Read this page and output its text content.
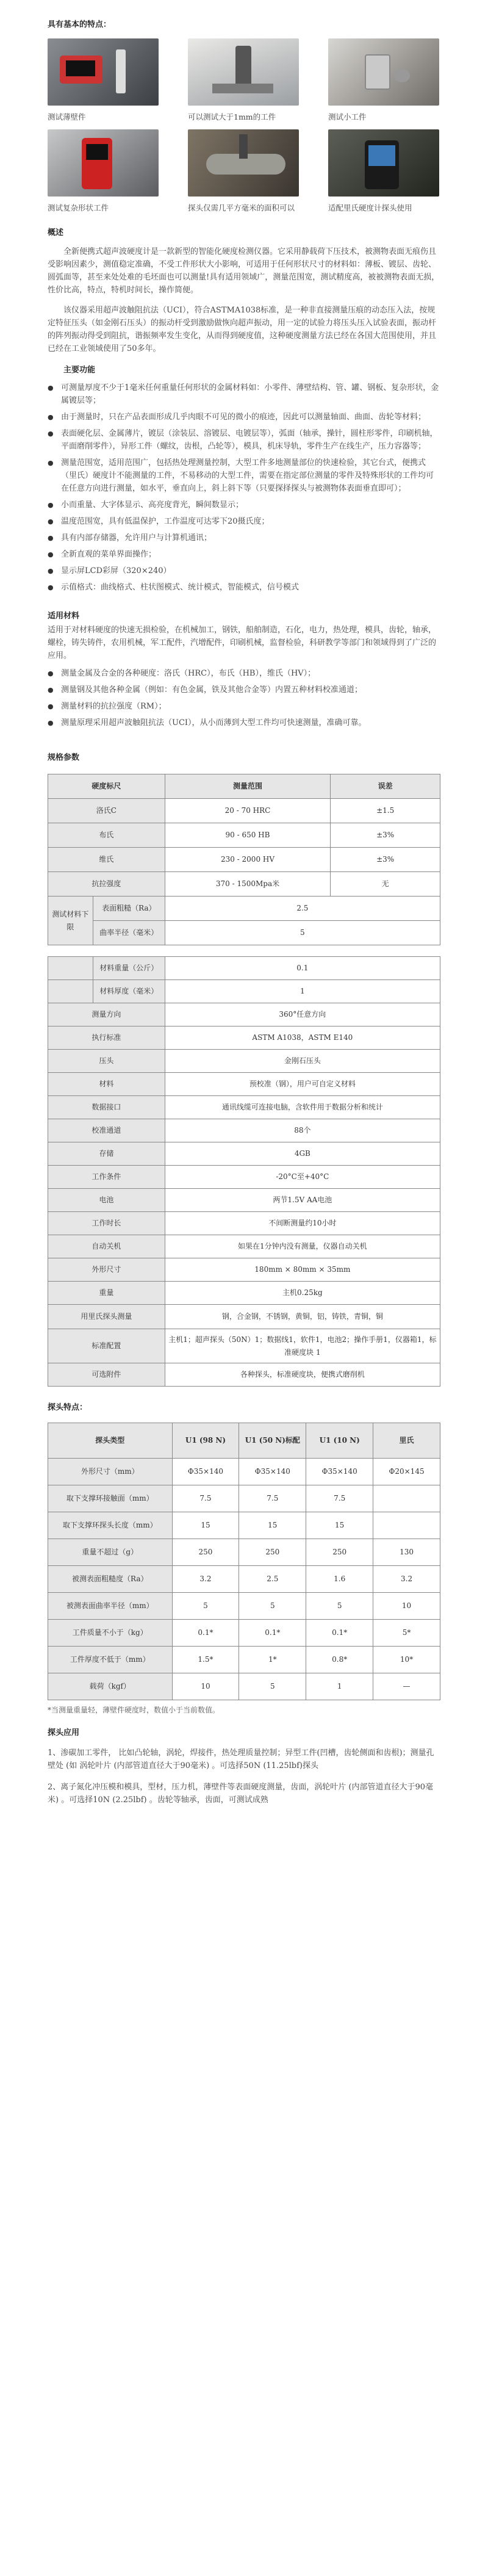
具有基本的特点：

测试薄壁件	可以测试大于1mm的工件	测试小工件
测试复杂形状工件	探头仅需几平方毫米的面积可以	适配里氏硬度计探头使用

概述

全新便携式超声波硬度计是一款新型的智能化硬度检测仪器。它采用静载荷下压技术，被测物表面无痕伤且受影响因素少，测值稳定准确，不受工件形状大小影响，可适用于任何形状尺寸的材料如：薄板、镀层、齿轮、圆弧面等，甚至来处处难的毛坯面也可以测量!具有适用领域广，测量范围宽，测试精度高，被被测物表面无损，性价比高，特点，特机时间长，操作简便。

该仪器采用超声波触阻抗法（UCI），符合ASTMA1038标准，是一种非直接测量压痕的动态压入法，按规定特征压头（如金刚石压头）的振动杆受到激励做恢向超声振动，用一定的试验力将压头压入试验表面，振动杆的阵列振动得受到阻抗，谐振频率发生变化，从而得到硬度值，这种硬度测量方法已经在各国大范围使用，并且已经在工业领域使用了50多年。

主要功能

● 可测量厚度不少于1毫米任何重量任何形状的金属材料如：小零件、薄壁结构、管、罐、钢板、复杂形状，金属镀层等；
● 由于测量时，只在产品表面形成几乎肉眼不可见的微小的痕迹，因此可以测量轴面、曲面、齿轮等材料；
● 表面硬化层、金属薄片，镀层（涂装层、溶镀层、电镀层等），弧面（轴承，操针，圆柱形零件，印刷机轴，平面磨削零件），异形工件（螺纹，齿根，凸轮等），模具，机床导轨，零件生产在线生产，压力容器等；
● 测量范围宽，适用范围广，包括热处理测量控制，大型工件多地测量部位的快速检验，其它台式，便携式（里氏）硬度计不能测量的工件，不易移动的大型工件，需要在指定部位测量的零件及特殊形状的工件均可在任意方向进行测量，如水平，垂直向上，斜上斜下等（只要探择探头与被测物体表面垂直即可）；
● 小而重量、大字体显示、高亮度背光，瞬间数显示；
● 温度范围宽，具有低温保护，工作温度可达零下20摄氏度；
● 具有内部存储器，允许用户与计算机通讯；
● 全新直观的菜单界面操作；
● 显示屏LCD彩屏（320×240）
● 示值格式：曲线格式、柱状图模式、统计模式，智能模式，信号模式

适用材料

适用于对材料硬度的快速无损检验，在机械加工，钢铁，船舶制造，石化，电力，热处理，模具，齿轮，轴承，螺栓，铸失铸件，农用机械，军工配件，汽增配件，印刷机械，监督检验，科研教学等部门和领域得到了广泛的应用。

● 测量金属及合金的各种硬度：洛氏（HRC），布氏（HB），维氏（HV）；
● 测量钢及其他各种金属（例如：有色金属，铁及其他合金等）内置五种材料校准通道；
● 测量材料的抗拉强度（RM）；
● 测量原理采用超声波触阻抗法（UCI），从小而薄到大型工件均可快速测量，准确可靠。

规格参数

硬度标尺		测量范围	误差
洛氏C		20 - 70 HRC	±1.5
布氏		90 - 650 HB	±3%
维氏		230 - 2000 HV	±3%
抗拉强度		370 - 1500Mpa米	无
测试材料下限	表面粗糙（Ra）	2.5	
	曲率半径（毫米）	5	
	材料重量（公斤）	0.1
	材料厚度（毫米）	1
测量方向		360°任意方向
执行标准		ASTM A1038，ASTM E140
压头		金刚石压头
材料		预校准（钢），用户可自定义材料
数据接口		通讯线缆可连接电脑，含软件用于数据分析和统计
校准通道		88个
存储		4GB
工作条件		-20°C至+40°C
电池		两节1.5V AA电池
工作时长		不间断测量约10小时
自动关机		如果在1分钟内没有测量，仪器自动关机
外形尺寸		180mm × 80mm × 35mm
重量		主机0.25kg
用里氏探头测量		钢，合金钢，不锈钢，黄铜，铝，铸铁，青铜，铜
标准配置		主机1；超声探头（50N）1；数据线1，软件1，电池2；操作手册1，仪器箱1，标准硬度块 1
可选附件		各种探头，标准硬度块，便携式磨削机

探头特点：

探头类型	U1 (98 N)	U1 (50 N)标配	U1 (10 N)	里氏
外形尺寸（mm）	Φ35×140	Φ35×140	Φ35×140	Φ20×145
取下支撑环接触面（mm）	7.5	7.5	7.5	
取下支撑环探头长度（mm）	15	15	15	
重量不超过（g）	250	250	250	130
被测表面粗糙度（Ra）	3.2	2.5	1.6	3.2
被测表面曲率半径（mm）	5	5	5	10
工件质量不小于（kg）	0.1*	0.1*	0.1*	5*
工件厚度不低于（mm）	1.5*	1*	0.8*	10*
载荷（kgf）	10	5	1	—

*当测量重量轻，薄壁件硬度时，数值小于当前数值。

探头应用

1、渗碳加工零件， 比如凸轮轴，涡轮，焊接件，热处理质量控制；异型工件(凹槽，齿轮侧面和齿根)；测量孔壁处 (如 涡轮叶片 (内部管道直径大于90毫米) 。可选择50N (11.25lbf)探头

2、离子氮化冲压模和模具，型材，压力机，薄壁件等表面硬度测量，齿面，涡轮叶片 (内部管道直径大于90毫米) 。可选择10N (2.25lbf) 。齿轮等轴承，齿面，可测试成熟
